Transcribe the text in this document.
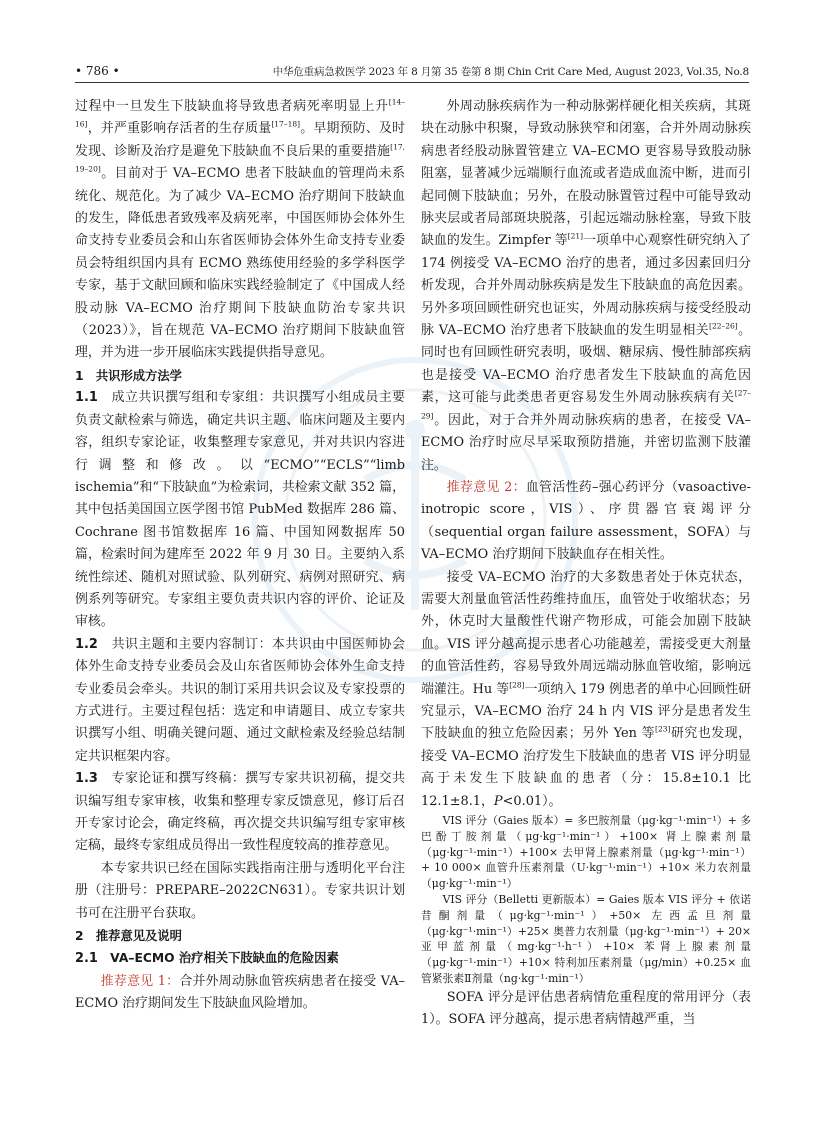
• 786 •	中华危重病急救医学 2023 年 8 月第 35 卷第 8 期 Chin Crit Care Med, August 2023, Vol.35, No.8

过程中一旦发生下肢缺血将导致患者病死率明显上升[14–16]，并严重影响存活者的生存质量[17–18]。早期预防、及时发现、诊断及治疗是避免下肢缺血不良后果的重要措施[17, 19–20]。目前对于 VA–ECMO 患者下肢缺血的管理尚未系统化、规范化。为了减少 VA–ECMO 治疗期间下肢缺血的发生，降低患者致残率及病死率，中国医师协会体外生命支持专业委员会和山东省医师协会体外生命支持专业委员会特组织国内具有 ECMO 熟练使用经验的多学科医学专家，基于文献回顾和临床实践经验制定了《中国成人经股动脉 VA–ECMO 治疗期间下肢缺血防治专家共识（2023）》，旨在规范 VA–ECMO 治疗期间下肢缺血管理，并为进一步开展临床实践提供指导意见。

1　共识形成方法学

1.1　成立共识撰写组和专家组：共识撰写小组成员主要负责文献检索与筛选，确定共识主题、临床问题及主要内容，组织专家论证，收集整理专家意见，并对共识内容进行调整和修改。以“ECMO”“ECLS”“limb ischemia”和“下肢缺血”为检索词，共检索文献 352 篇，其中包括美国国立医学图书馆 PubMed 数据库 286 篇、Cochrane 图书馆数据库 16 篇、中国知网数据库 50 篇，检索时间为建库至 2022 年 9 月 30 日。主要纳入系统性综述、随机对照试验、队列研究、病例对照研究、病例系列等研究。专家组主要负责共识内容的评价、论证及审核。

1.2　共识主题和主要内容制订：本共识由中国医师协会体外生命支持专业委员会及山东省医师协会体外生命支持专业委员会牵头。共识的制订采用共识会议及专家投票的方式进行。主要过程包括：选定和申请题目、成立专家共识撰写小组、明确关键问题、通过文献检索及经验总结制定共识框架内容。

1.3　专家论证和撰写终稿：撰写专家共识初稿，提交共识编写组专家审核，收集和整理专家反馈意见，修订后召开专家讨论会，确定终稿，再次提交共识编写组专家审核定稿，最终专家组成员得出一致性程度较高的推荐意见。

本专家共识已经在国际实践指南注册与透明化平台注册（注册号：PREPARE–2022CN631）。专家共识计划书可在注册平台获取。

2　推荐意见及说明

2.1　VA–ECMO 治疗相关下肢缺血的危险因素

推荐意见 1：合并外周动脉血管疾病患者在接受 VA–ECMO 治疗期间发生下肢缺血风险增加。

外周动脉疾病作为一种动脉粥样硬化相关疾病，其斑块在动脉中积聚，导致动脉狭窄和闭塞，合并外周动脉疾病患者经股动脉置管建立 VA–ECMO 更容易导致股动脉阻塞，显著减少远端顺行血流或者造成血流中断，进而引起同侧下肢缺血；另外，在股动脉置管过程中可能导致动脉夹层或者局部斑块脱落，引起远端动脉栓塞，导致下肢缺血的发生。Zimpfer 等[21]一项单中心观察性研究纳入了 174 例接受 VA–ECMO 治疗的患者，通过多因素回归分析发现，合并外周动脉疾病是发生下肢缺血的高危因素。另外多项回顾性研究也证实，外周动脉疾病与接受经股动脉 VA–ECMO 治疗患者下肢缺血的发生明显相关[22–26]。同时也有回顾性研究表明，吸烟、糖尿病、慢性肺部疾病也是接受 VA–ECMO 治疗患者发生下肢缺血的高危因素，这可能与此类患者更容易发生外周动脉疾病有关[27–29]。因此，对于合并外周动脉疾病的患者，在接受 VA–ECMO 治疗时应尽早采取预防措施，并密切监测下肢灌注。

推荐意见 2：血管活性药–强心药评分（vasoactive-inotropic score，VIS）、序贯器官衰竭评分（sequential organ failure assessment，SOFA）与 VA–ECMO 治疗期间下肢缺血存在相关性。

接受 VA–ECMO 治疗的大多数患者处于休克状态，需要大剂量血管活性药维持血压，血管处于收缩状态；另外，休克时大量酸性代谢产物形成，可能会加剧下肢缺血。VIS 评分越高提示患者心功能越差，需接受更大剂量的血管活性药，容易导致外周远端动脉血管收缩，影响远端灌注。Hu 等[28]一项纳入 179 例患者的单中心回顾性研究显示，VA–ECMO 治疗 24 h 内 VIS 评分是患者发生下肢缺血的独立危险因素；另外 Yen 等[23]研究也发现，接受 VA–ECMO 治疗发生下肢缺血的患者 VIS 评分明显高于未发生下肢缺血的患者（分：15.8±10.1 比 12.1±8.1，P<0.01）。

VIS 评分（Gaies 版本）= 多巴胺剂量（μg·kg⁻¹·min⁻¹）+ 多巴酚丁胺剂量（μg·kg⁻¹·min⁻¹）+100× 肾上腺素剂量（μg·kg⁻¹·min⁻¹）+100× 去甲肾上腺素剂量（μg·kg⁻¹·min⁻¹）+ 10 000× 血管升压素剂量（U·kg⁻¹·min⁻¹）+10× 米力农剂量（μg·kg⁻¹·min⁻¹）

VIS 评分（Belletti 更新版本）= Gaies 版本 VIS 评分 + 依诺昔酮剂量（μg·kg⁻¹·min⁻¹）+50× 左西孟旦剂量（μg·kg⁻¹·min⁻¹）+25× 奥普力农剂量（μg·kg⁻¹·min⁻¹）+ 20× 亚甲蓝剂量（mg·kg⁻¹·h⁻¹）+10× 苯肾上腺素剂量（μg·kg⁻¹·min⁻¹）+10× 特利加压素剂量（μg/min）+0.25× 血管紧张素Ⅱ剂量（ng·kg⁻¹·min⁻¹）

SOFA 评分是评估患者病情危重程度的常用评分（表 1）。SOFA 评分越高，提示患者病情越严重，当
